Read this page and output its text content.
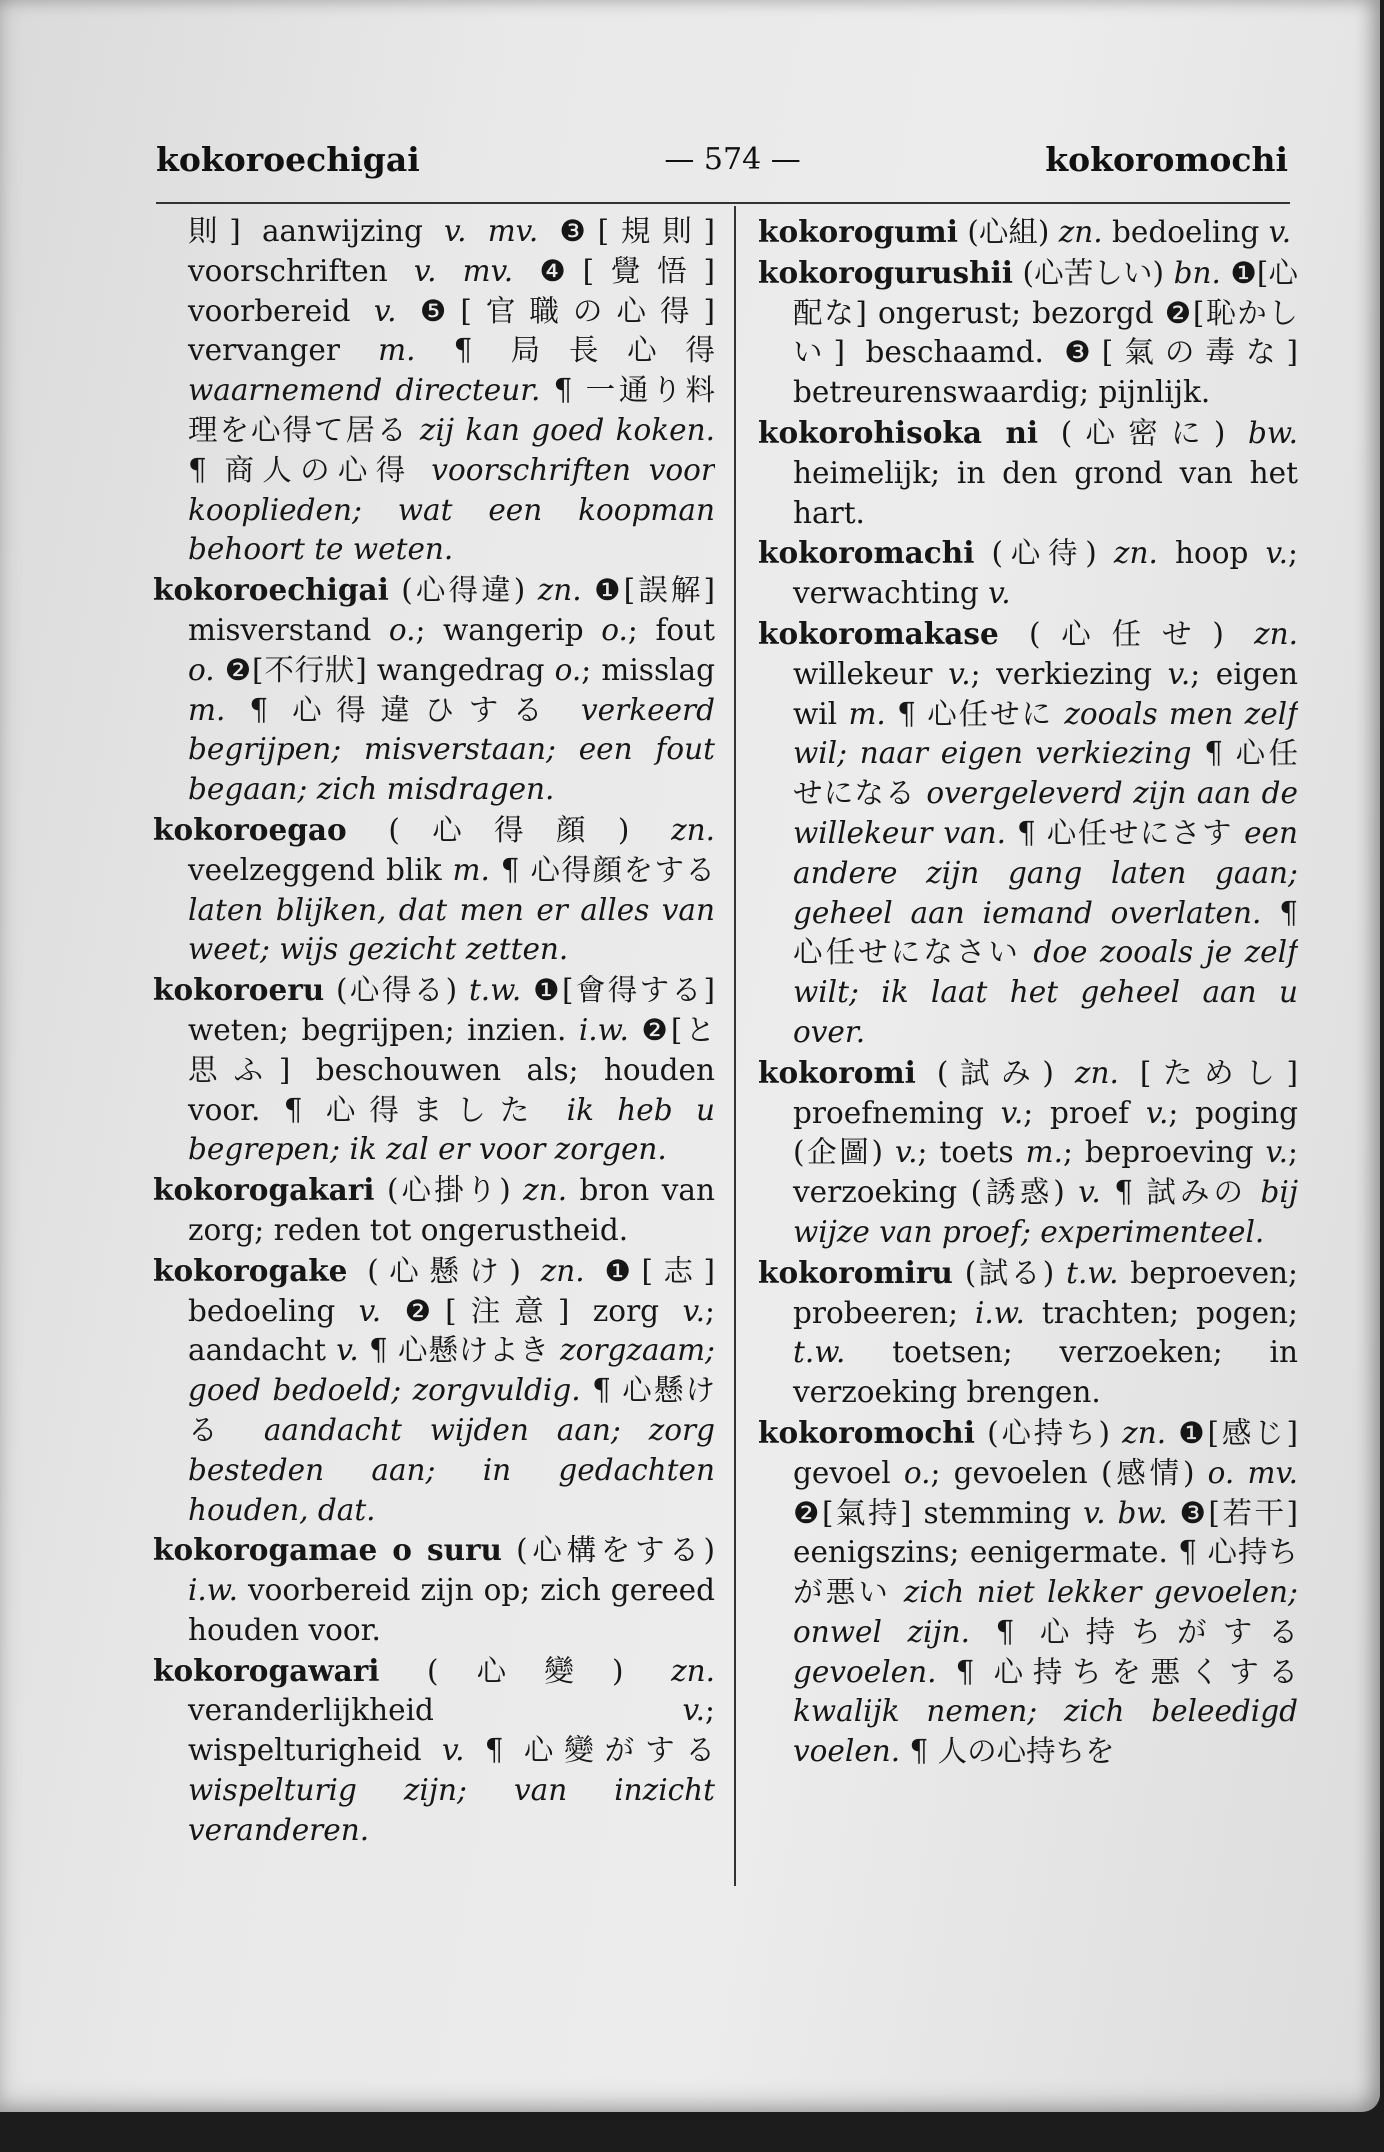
kokoroechigai	— 574 —	kokoromochi

則] aanwijzing v. mv. ❸[規則] voorschriften v. mv. ❹[覺悟] voorbereid v. ❺[官職の心得] vervanger m. ¶ 局長心得 waarnemend directeur. ¶ 一通り料理を心得て居る zij kan goed koken. ¶ 商人の心得 voorschriften voor kooplieden; wat een koopman behoort te weten.

kokoroechigai (心得違) zn. ❶[誤解] misverstand o.; wangerip o.; fout o. ❷[不行狀] wangedrag o.; misslag m. ¶ 心得違ひする verkeerd begrijpen; misverstaan; een fout begaan; zich misdragen.

kokoroegao (心得顔) zn. veelzeggend blik m. ¶ 心得顔をする laten blijken, dat men er alles van weet; wijs gezicht zetten.

kokoroeru (心得る) t.w. ❶[會得する] weten; begrijpen; inzien. i.w. ❷[と思ふ] beschouwen als; houden voor. ¶ 心得ました ik heb u begrepen; ik zal er voor zorgen.

kokorogakari (心掛り) zn. bron van zorg; reden tot ongerustheid.

kokorogake (心懸け) zn. ❶[志] bedoeling v. ❷[注意] zorg v.; aandacht v. ¶ 心懸けよき zorgzaam; goed bedoeld; zorgvuldig. ¶ 心懸ける aandacht wijden aan; zorg besteden aan; in gedachten houden, dat.

kokorogamae o suru (心構をする) i.w. voorbereid zijn op; zich gereed houden voor.

kokorogawari (心變) zn. veranderlijkheid v.; wispelturigheid v. ¶ 心變がする wispelturig zijn; van inzicht veranderen.

kokorogumi (心組) zn. bedoeling v.

kokorogurushii (心苦しい) bn. ❶[心配な] ongerust; bezorgd ❷[恥かしい] beschaamd. ❸[氣の毒な] betreurenswaardig; pijnlijk.

kokorohisoka ni (心密に) bw. heimelijk; in den grond van het hart.

kokoromachi (心待) zn. hoop v.; verwachting v.

kokoromakase (心任せ) zn. willekeur v.; verkiezing v.; eigen wil m. ¶ 心任せに zooals men zelf wil; naar eigen verkiezing ¶ 心任せになる overgeleverd zijn aan de willekeur van. ¶ 心任せにさす een andere zijn gang laten gaan; geheel aan iemand overlaten. ¶ 心任せになさい doe zooals je zelf wilt; ik laat het geheel aan u over.

kokoromi (試み) zn. [ためし] proefneming v.; proef v.; poging (企圖) v.; toets m.; beproeving v.; verzoeking (誘惑) v. ¶ 試みの bij wijze van proef; experimenteel.

kokoromiru (試る) t.w. beproeven; probeeren; i.w. trachten; pogen; t.w. toetsen; verzoeken; in verzoeking brengen.

kokoromochi (心持ち) zn. ❶[感じ] gevoel o.; gevoelen (感情) o. mv. ❷[氣持] stemming v. bw. ❸[若干] eenigszins; eenigermate. ¶ 心持ちが悪い zich niet lekker gevoelen; onwel zijn. ¶ 心持ちがする gevoelen. ¶ 心持ちを悪くする kwalijk nemen; zich beleedigd voelen. ¶ 人の心持ちを
